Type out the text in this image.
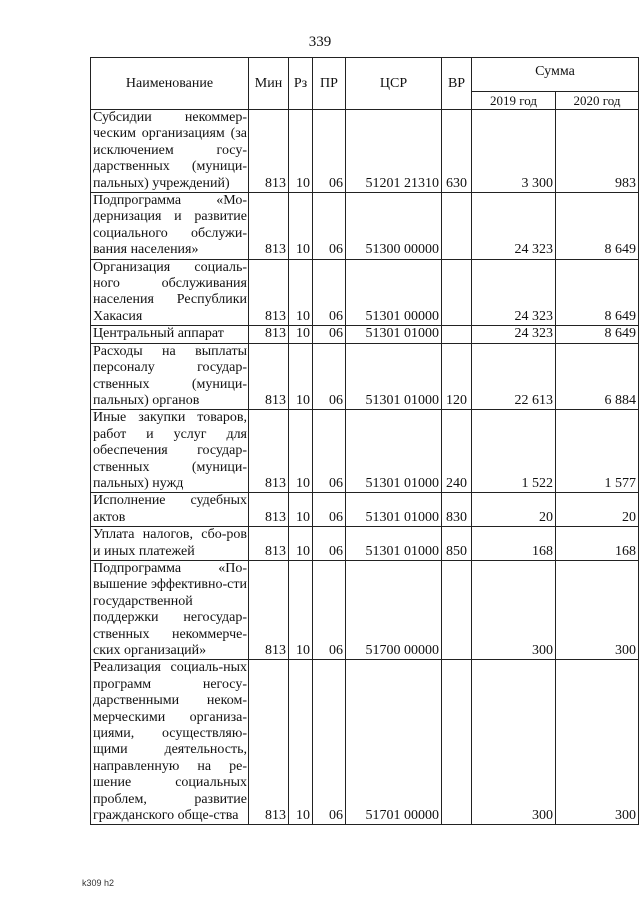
339
Наименование	Мин	Рз	ПР	ЦСР	ВР	Сумма	
						2019 год	2020 год
Субсидии некоммер-ческим организациям (за исключением госу-дарственных (муници-пальных) учреждений)	813	10	06	51201 21310	630	3 300	983
Подпрограмма «Мо-дернизация и развитие социального обслужи-вания населения»	813	10	06	51300 00000		24 323	8 649
Организация социаль-ного обслуживания населения Республики Хакасия	813	10	06	51301 00000		24 323	8 649
Центральный аппарат	813	10	06	51301 01000		24 323	8 649
Расходы на выплаты персоналу государ-ственных (муници-пальных) органов	813	10	06	51301 01000	120	22 613	6 884
Иные закупки товаров, работ и услуг для обеспечения государ-ственных (муници-пальных) нужд	813	10	06	51301 01000	240	1 522	1 577
Исполнение судебных актов	813	10	06	51301 01000	830	20	20
Уплата налогов, сбо-ров и иных платежей	813	10	06	51301 01000	850	168	168
Подпрограмма «По-вышение эффективно-сти государственной поддержки негосудар-ственных некоммерче-ских организаций»	813	10	06	51700 00000		300	300
Реализация социаль-ных программ негосу-дарственными неком-мерческими организа-циями, осуществляю-щими деятельность, направленную на ре-шение социальных проблем, развитие гражданского обще-ства	813	10	06	51701 00000		300	300
k309 h2
